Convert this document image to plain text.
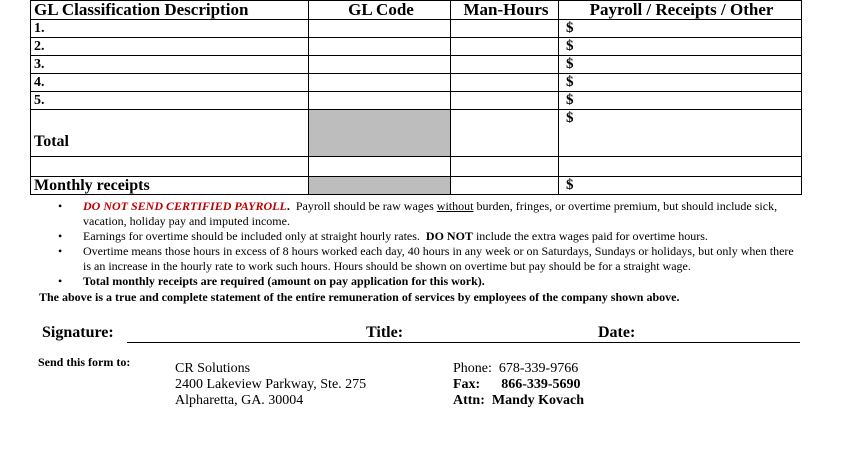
GL Classification Description	GL Code	Man-Hours	Payroll / Receipts / Other
1.			$
2.			$
3.			$
4.			$
5.			$
Total			$

Monthly receipts			$
• DO NOT SEND CERTIFIED PAYROLL. Payroll should be raw wages without burden, fringes, or overtime premium, but should include sick, vacation, holiday pay and imputed income.
• Earnings for overtime should be included only at straight hourly rates. DO NOT include the extra wages paid for overtime hours.
• Overtime means those hours in excess of 8 hours worked each day, 40 hours in any week or on Saturdays, Sundays or holidays, but only when there is an increase in the hourly rate to work such hours. Hours should be shown on overtime but pay should be for a straight wage.
• Total monthly receipts are required (amount on pay application for this work).
The above is a true and complete statement of the entire remuneration of services by employees of the company shown above.
Signature:	Title:	Date:
Send this form to:	CR Solutions
2400 Lakeview Parkway, Ste. 275
Alpharetta, GA. 30004
Phone:  678-339-9766
Fax:      866-339-5690
Attn:  Mandy Kovach
